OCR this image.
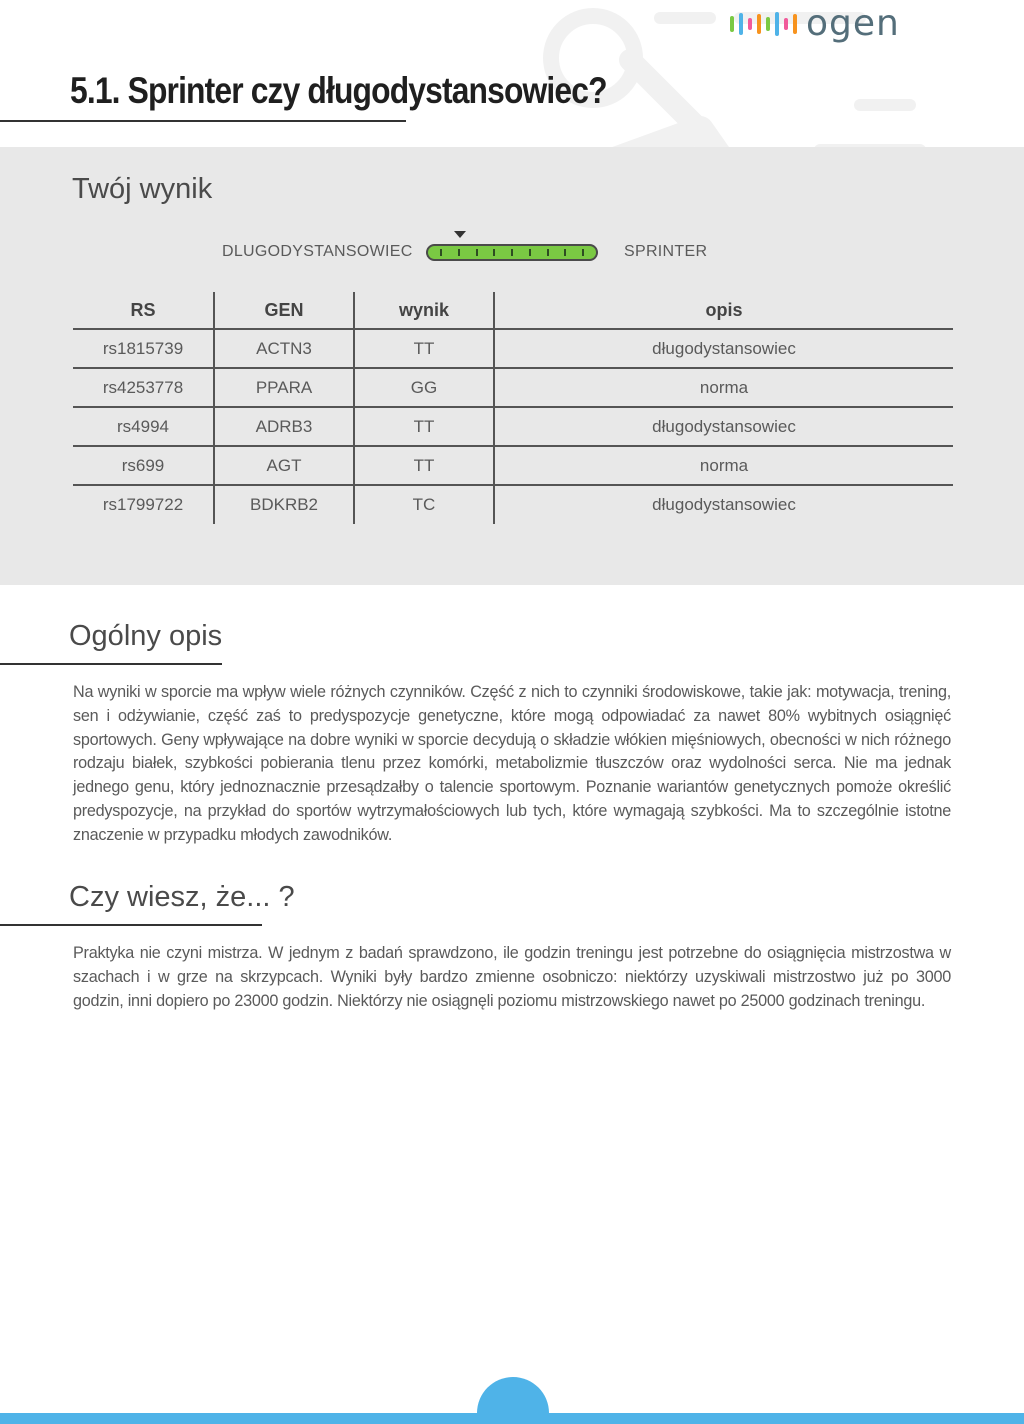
ogen
5.1. Sprinter czy długodystansowiec?
Twój wynik
DLUGODYSTANSOWIEC	SPRINTER
RS	GEN	wynik	opis
rs1815739	ACTN3	TT	długodystansowiec
rs4253778	PPARA	GG	norma
rs4994	ADRB3	TT	długodystansowiec
rs699	AGT	TT	norma
rs1799722	BDKRB2	TC	długodystansowiec
Ogólny opis

Na wyniki w sporcie ma wpływ wiele różnych czynników. Część z nich to czynniki środowiskowe, takie jak: motywacja, trening, sen i odżywianie, część zaś to predyspozycje genetyczne, które mogą odpowiadać za nawet 80% wybitnych osiągnięć sportowych. Geny wpływające na dobre wyniki w sporcie decydują o składzie włókien mięśniowych, obecności w nich różnego rodzaju białek, szybkości pobierania tlenu przez komórki, metabolizmie tłuszczów oraz wydolności serca. Nie ma jednak jednego genu, który jednoznacznie przesądzałby o talencie sportowym. Poznanie wariantów genetycznych pomoże określić predyspozycje, na przykład do sportów wytrzymałościowych lub tych, które wymagają szybkości. Ma to szczególnie istotne znaczenie w przypadku młodych zawodników.

Czy wiesz, że... ?

Praktyka nie czyni mistrza. W jednym z badań sprawdzono, ile godzin treningu jest potrzebne do osiągnięcia mistrzostwa w szachach i w grze na skrzypcach. Wyniki były bardzo zmienne osobniczo: niektórzy uzyskiwali mistrzostwo już po 3000 godzin, inni dopiero po 23000 godzin. Niektórzy nie osiągnęli poziomu mistrzowskiego nawet po 25000 godzinach treningu.
